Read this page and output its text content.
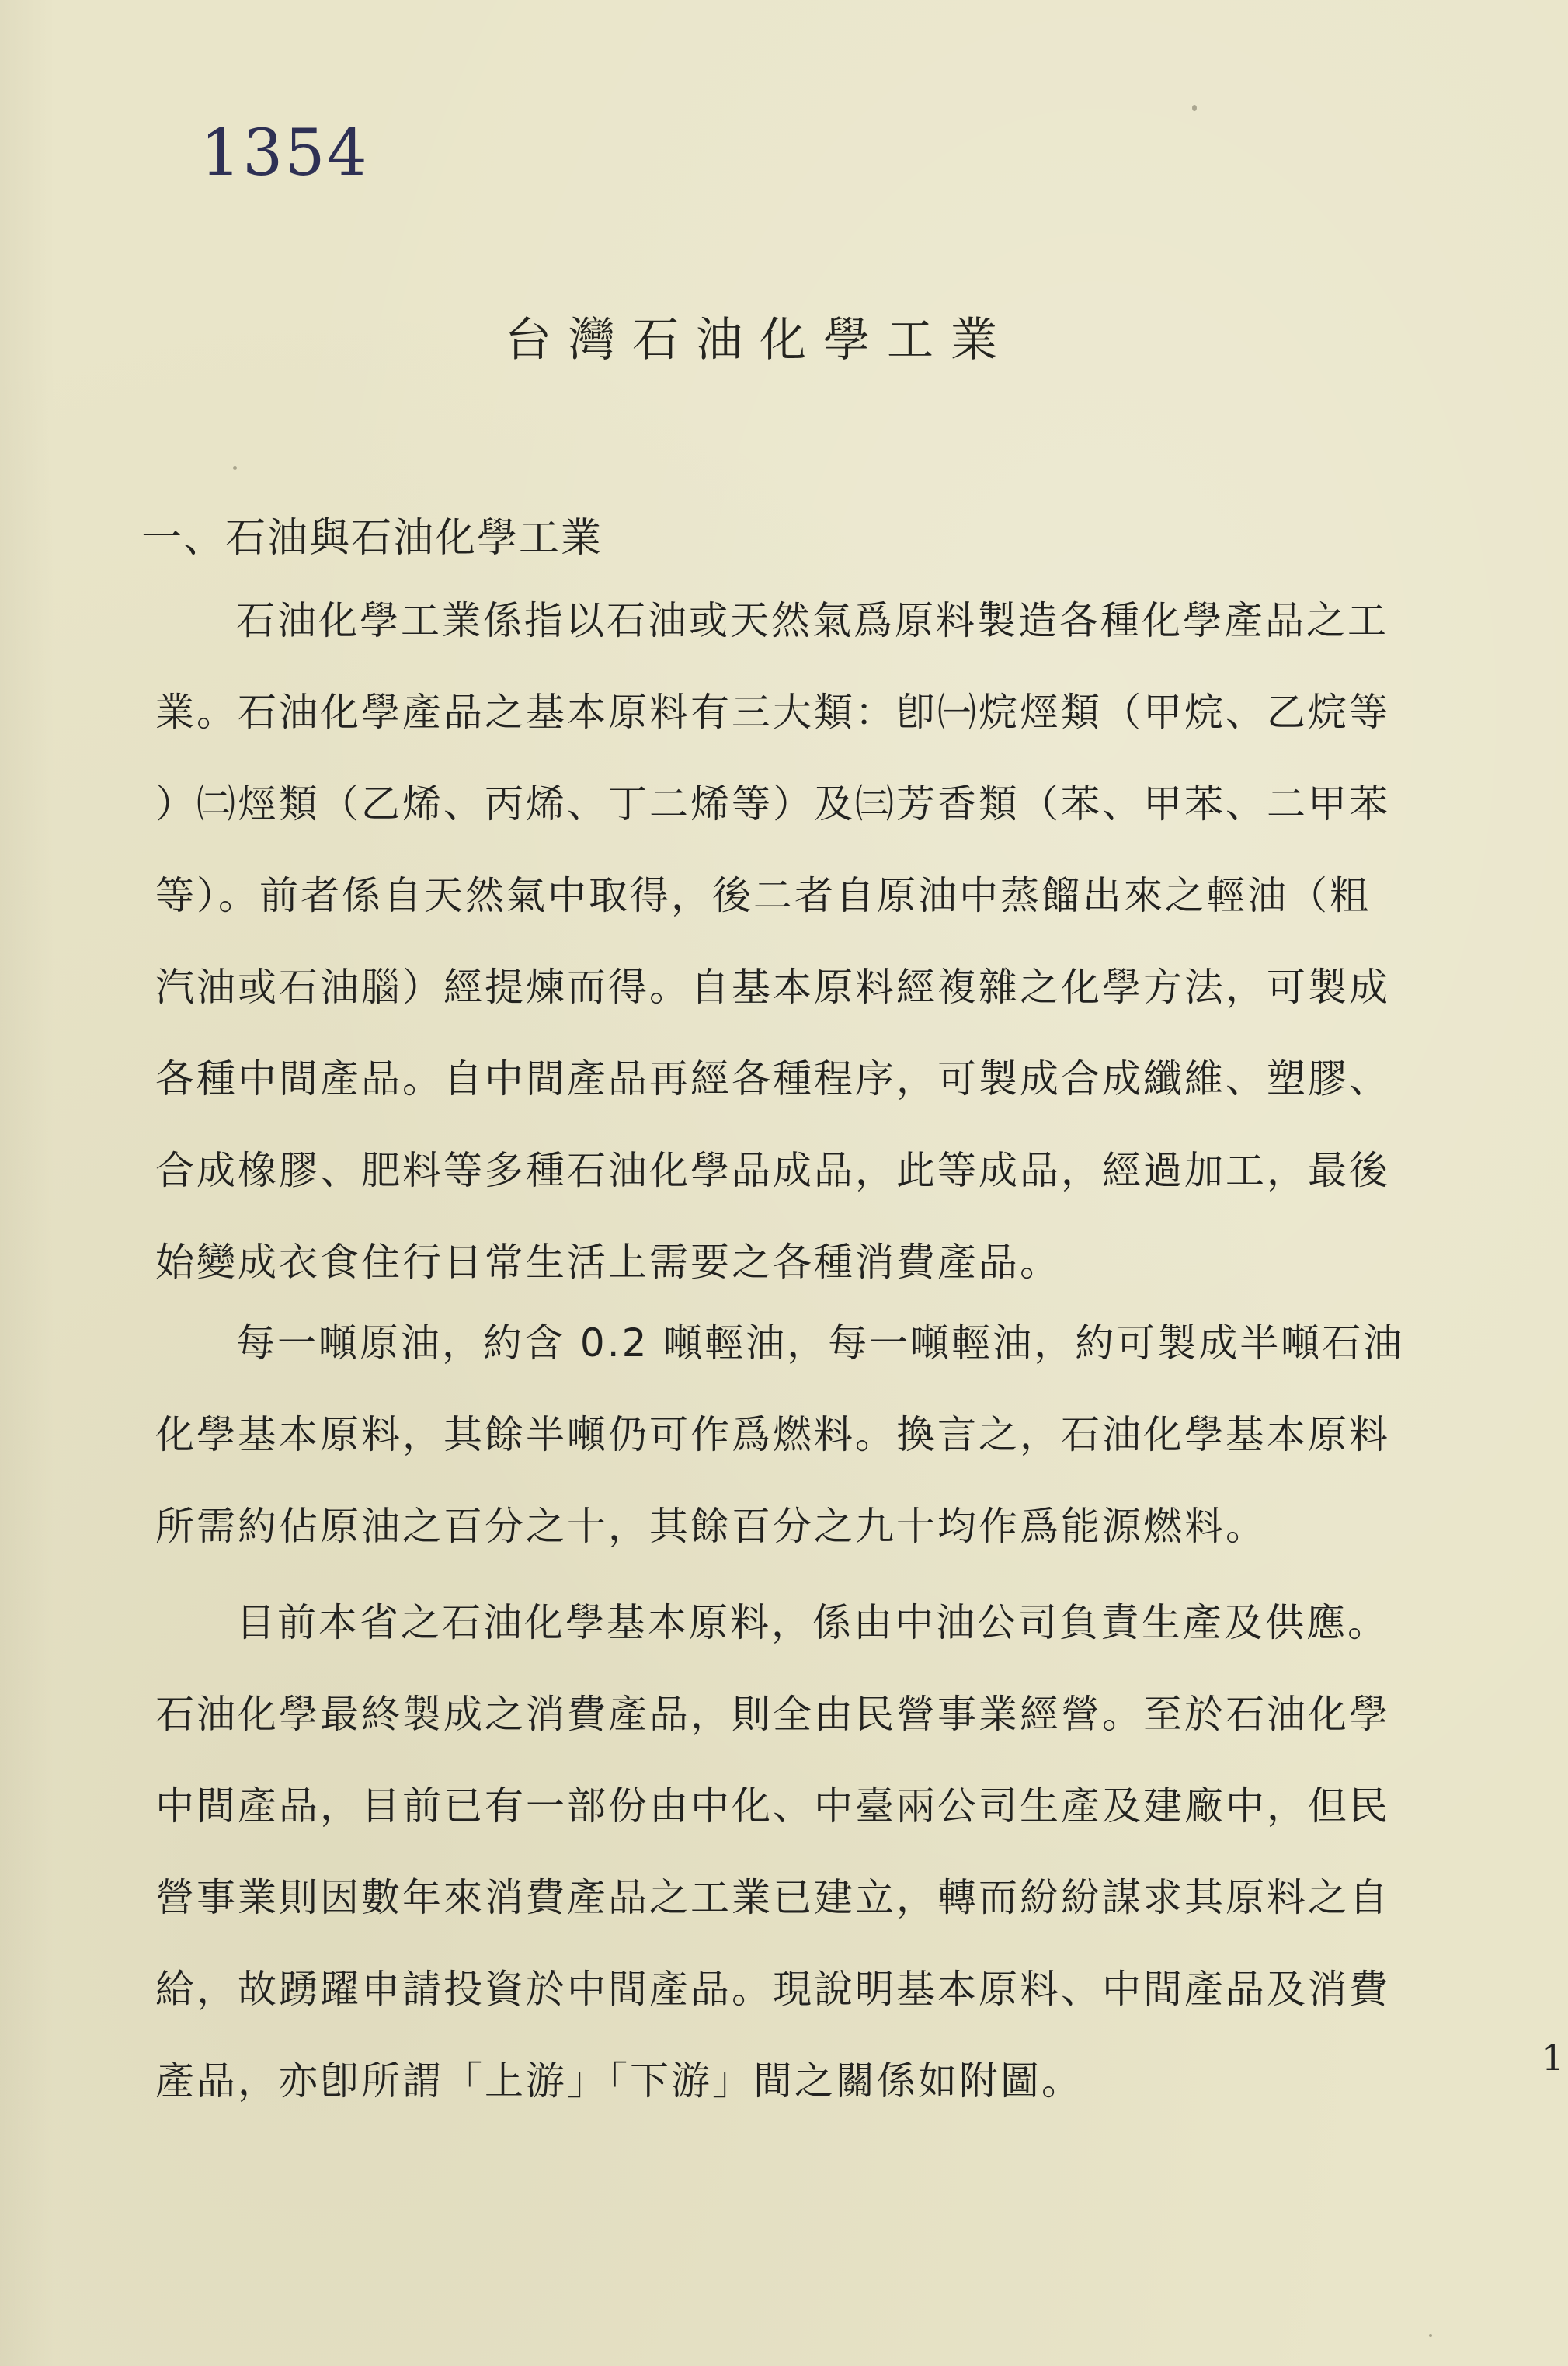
1354
台灣石油化學工業
一、石油與石油化學工業
石油化學工業係指以石油或天然氣爲原料製造各種化學產品之工
業。石油化學產品之基本原料有三大類：卽㈠烷烴類（甲烷、乙烷等
）㈡烴類（乙烯、丙烯、丁二烯等）及㈢芳香類（苯、甲苯、二甲苯
等）。前者係自天然氣中取得，後二者自原油中蒸餾出來之輕油（粗
汽油或石油腦）經提煉而得。自基本原料經複雜之化學方法，可製成
各種中間產品。自中間產品再經各種程序，可製成合成纖維、塑膠、
合成橡膠、肥料等多種石油化學品成品，此等成品，經過加工，最後
始變成衣食住行日常生活上需要之各種消費產品。
每一噸原油，約含 0.2 噸輕油，每一噸輕油，約可製成半噸石油
化學基本原料，其餘半噸仍可作爲燃料。換言之，石油化學基本原料
所需約佔原油之百分之十，其餘百分之九十均作爲能源燃料。
目前本省之石油化學基本原料，係由中油公司負責生產及供應。
石油化學最終製成之消費產品，則全由民營事業經營。至於石油化學
中間產品，目前已有一部份由中化、中臺兩公司生產及建廠中，但民
營事業則因數年來消費產品之工業已建立，轉而紛紛謀求其原料之自
給，故踴躍申請投資於中間產品。現說明基本原料、中間產品及消費
產品，亦卽所謂「上游」「下游」間之關係如附圖。
1
